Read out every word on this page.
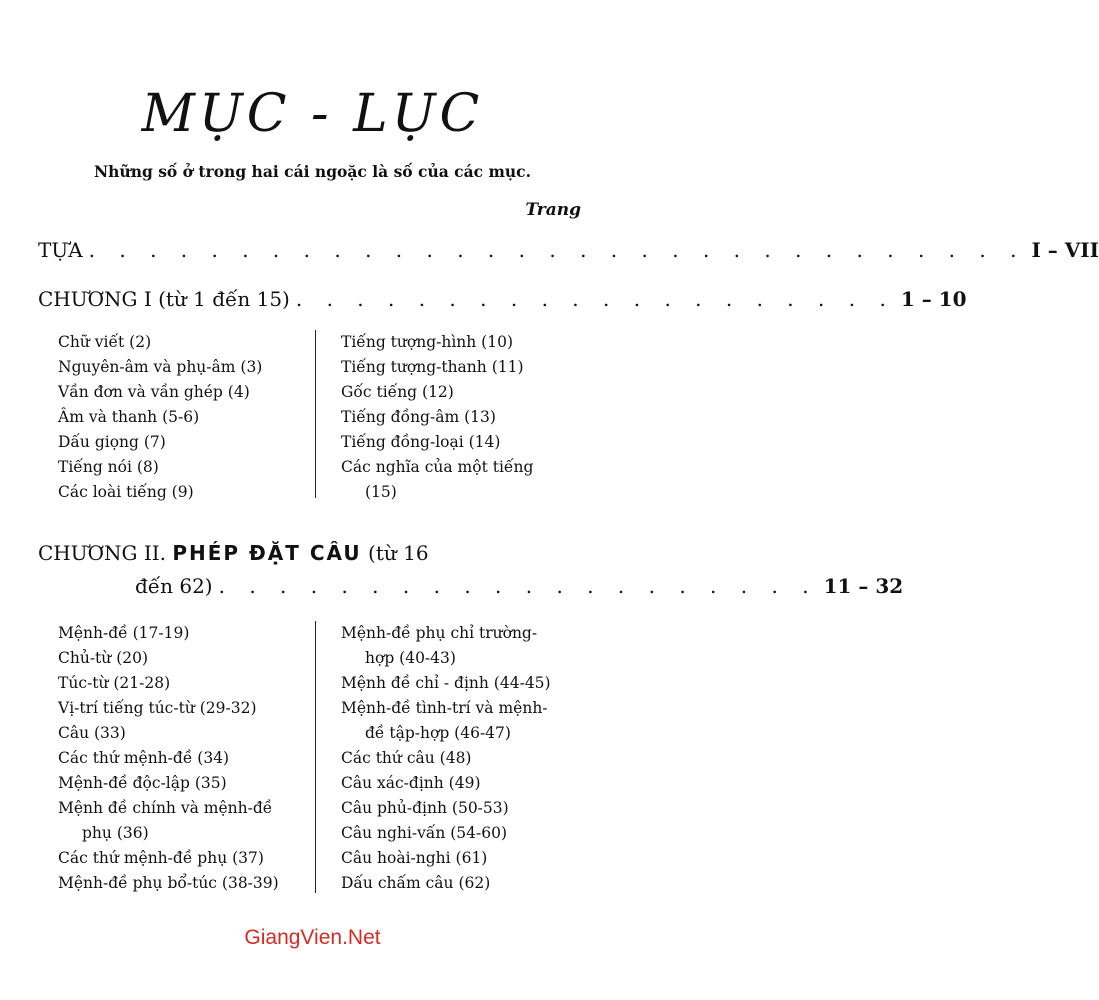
MỤC - LỤC
Những số ở trong hai cái ngoặc là số của các mục.
Trang
TỰA . . . . . . . . . . . . . . . . . . . . . . . . . . . . . . . I – VII
CHƯƠNG I (từ 1 đến 15) . . . . . . . . . . . . . . . . . . . . 1 – 10
Chữ viết (2)
Nguyên-âm và phụ-âm (3)
Vần đơn và vần ghép (4)
Âm và thanh (5-6)
Dấu giọng (7)
Tiếng nói (8)
Các loài tiếng (9)
Tiếng tượng-hình (10)
Tiếng tượng-thanh (11)
Gốc tiếng (12)
Tiếng đồng-âm (13)
Tiếng đồng-loại (14)
Các nghĩa của một tiếng
(15)
CHƯƠNG II. PHÉP ĐẶT CÂU (từ 16
đến 62) . . . . . . . . . . . . . . . . . . . . 11 – 32
Mệnh-đề (17-19)
Chủ-từ (20)
Túc-từ (21-28)
Vị-trí tiếng túc-từ (29-32)
Câu (33)
Các thứ mệnh-đề (34)
Mệnh-đề độc-lập (35)
Mệnh đề chính và mệnh-đề
phụ (36)
Các thứ mệnh-đề phụ (37)
Mệnh-đề phụ bổ-túc (38-39)
Mệnh-đề phụ chỉ trường-
hợp (40-43)
Mệnh đề chỉ - định (44-45)
Mệnh-đề tình-trí và mệnh-
đề tập-hợp (46-47)
Các thứ câu (48)
Câu xác-định (49)
Câu phủ-định (50-53)
Câu nghi-vấn (54-60)
Câu hoài-nghi (61)
Dấu chấm câu (62)
GiangVien.Net
